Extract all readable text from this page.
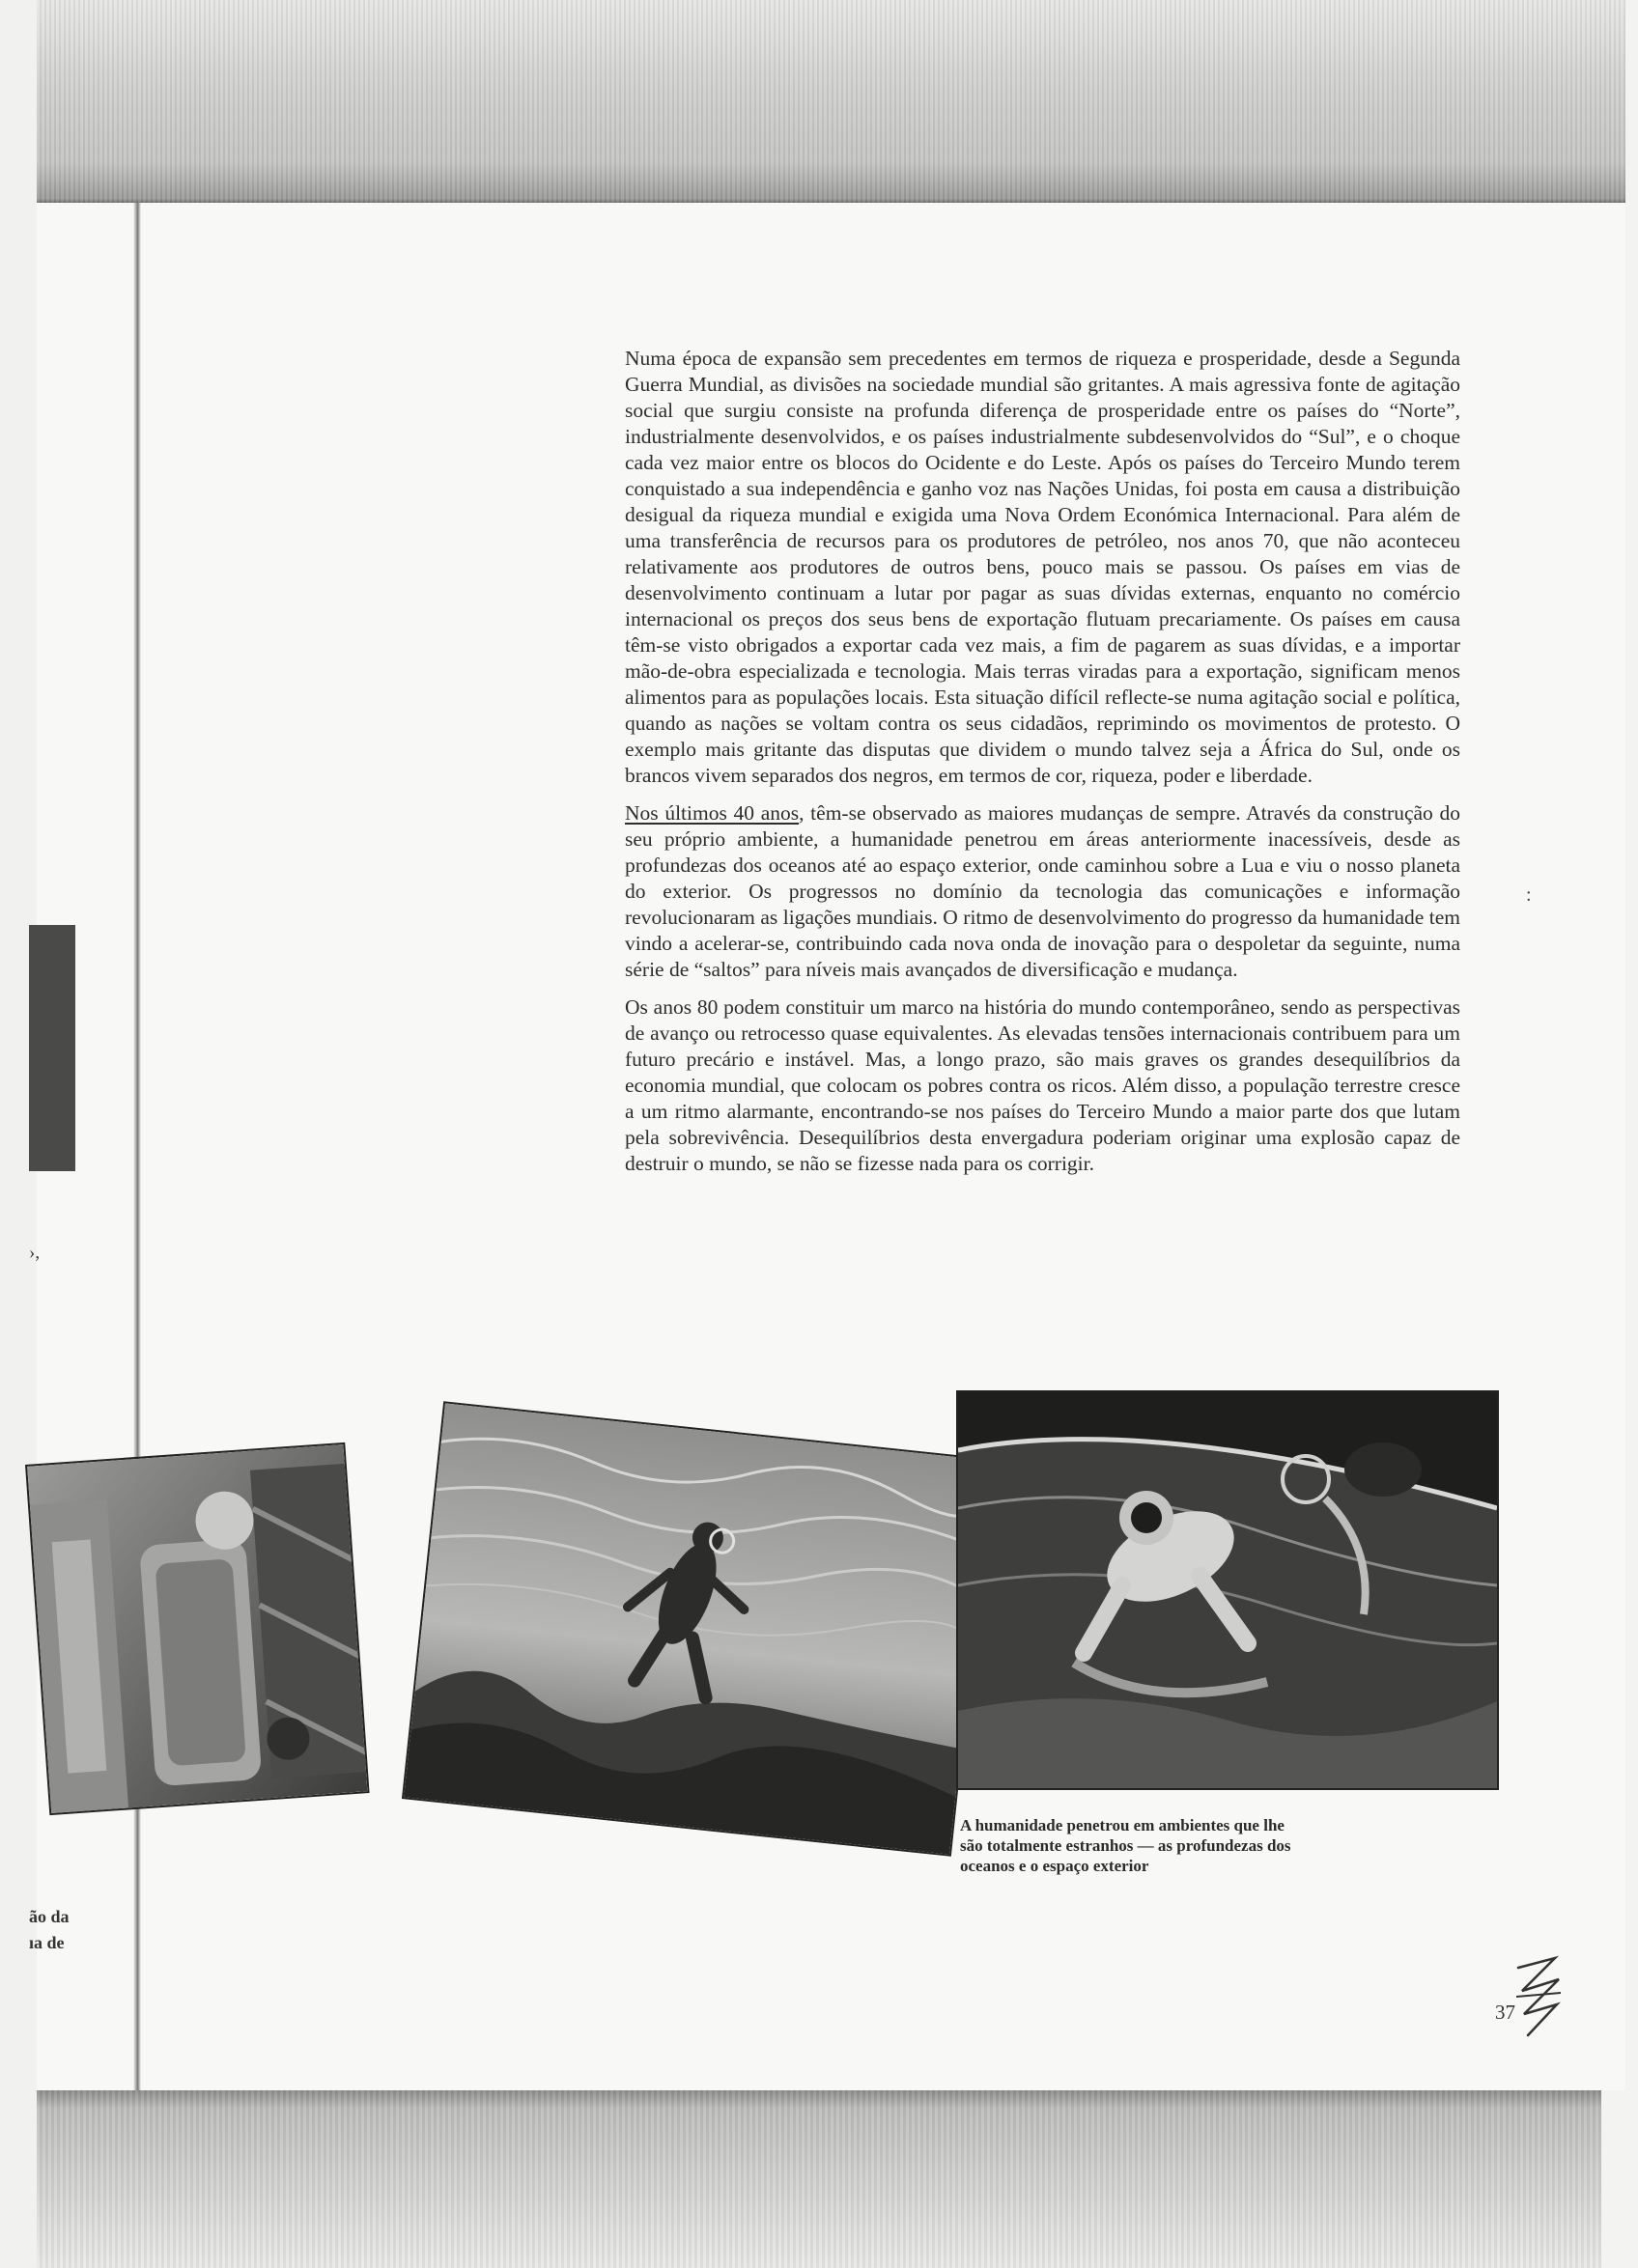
›,
ão da
ıa de
:

Numa época de expansão sem precedentes em termos de riqueza e prosperidade, desde a Segunda Guerra Mundial, as divisões na sociedade mundial são gritantes. A mais agressiva fonte de agitação social que surgiu consiste na profunda diferença de prosperidade entre os países do “Norte”, industrialmente desenvolvidos, e os países industrialmente subdesenvolvidos do “Sul”, e o choque cada vez maior entre os blocos do Ocidente e do Leste. Após os países do Terceiro Mundo terem conquistado a sua independência e ganho voz nas Nações Unidas, foi posta em causa a distribuição desigual da riqueza mundial e exigida uma Nova Ordem Económica Internacional. Para além de uma transferência de recursos para os produtores de petróleo, nos anos 70, que não aconteceu relativamente aos produtores de outros bens, pouco mais se passou. Os países em vias de desenvolvimento continuam a lutar por pagar as suas dívidas externas, enquanto no comércio internacional os preços dos seus bens de exportação flutuam precariamente. Os países em causa têm-se visto obrigados a exportar cada vez mais, a fim de pagarem as suas dívidas, e a importar mão-de-obra especializada e tecnologia. Mais terras viradas para a exportação, significam menos alimentos para as populações locais. Esta situação difícil reflecte-se numa agitação social e política, quando as nações se voltam contra os seus cidadãos, reprimindo os movimentos de protesto. O exemplo mais gritante das disputas que dividem o mundo talvez seja a África do Sul, onde os brancos vivem separados dos negros, em termos de cor, riqueza, poder e liberdade.

Nos últimos 40 anos, têm-se observado as maiores mudanças de sempre. Através da construção do seu próprio ambiente, a humanidade penetrou em áreas anteriormente inacessíveis, desde as profundezas dos oceanos até ao espaço exterior, onde caminhou sobre a Lua e viu o nosso planeta do exterior. Os progressos no domínio da tecnologia das comunicações e informação revolucionaram as ligações mundiais. O ritmo de desenvolvimento do progresso da humanidade tem vindo a acelerar-se, contribuindo cada nova onda de inovação para o despoletar da seguinte, numa série de “saltos” para níveis mais avançados de diversificação e mudança.

Os anos 80 podem constituir um marco na história do mundo contemporâneo, sendo as perspectivas de avanço ou retrocesso quase equivalentes. As elevadas tensões internacionais contribuem para um futuro precário e instável. Mas, a longo prazo, são mais graves os grandes desequilíbrios da economia mundial, que colocam os pobres contra os ricos. Além disso, a população terrestre cresce a um ritmo alarmante, encontrando-se nos países do Terceiro Mundo a maior parte dos que lutam pela sobrevivência. Desequilíbrios desta envergadura poderiam originar uma explosão capaz de destruir o mundo, se não se fizesse nada para os corrigir.

A humanidade penetrou em ambientes que lhe são totalmente estranhos — as profundezas dos oceanos e o espaço exterior
37
